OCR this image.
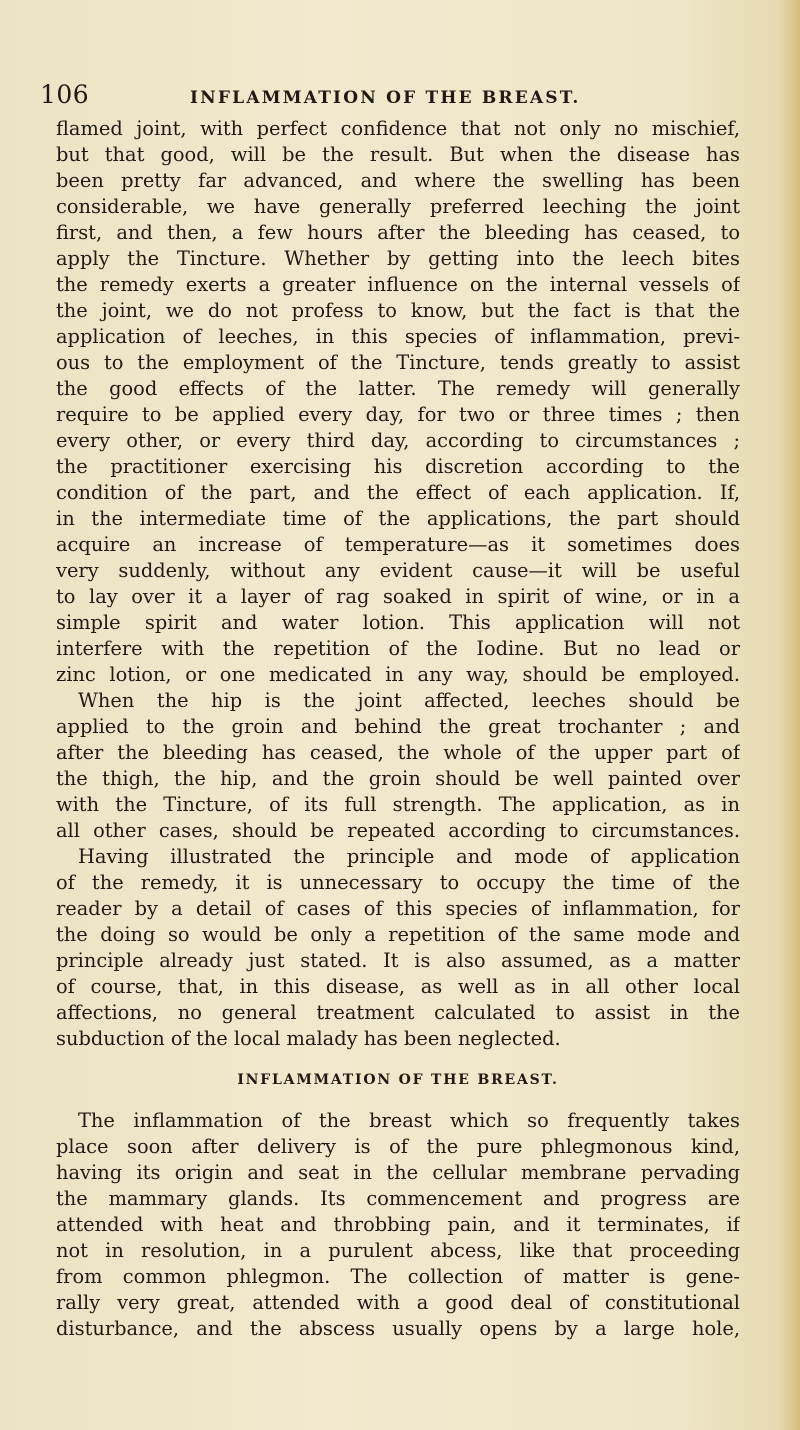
106	INFLAMMATION OF THE BREAST.
flamed joint, with perfect confidence that not only no mischief,
but that good, will be the result. But when the disease has
been pretty far advanced, and where the swelling has been
considerable, we have generally preferred leeching the joint
first, and then, a few hours after the bleeding has ceased, to
apply the Tincture. Whether by getting into the leech bites
the remedy exerts a greater influence on the internal vessels of
the joint, we do not profess to know, but the fact is that the
application of leeches, in this species of inflammation, previ-
ous to the employment of the Tincture, tends greatly to assist
the good effects of the latter. The remedy will generally
require to be applied every day, for two or three times ; then
every other, or every third day, according to circumstances ;
the practitioner exercising his discretion according to the
condition of the part, and the effect of each application. If,
in the intermediate time of the applications, the part should
acquire an increase of temperature—as it sometimes does
very suddenly, without any evident cause—it will be useful
to lay over it a layer of rag soaked in spirit of wine, or in a
simple spirit and water lotion. This application will not
interfere with the repetition of the Iodine. But no lead or
zinc lotion, or one medicated in any way, should be employed.
When the hip is the joint affected, leeches should be
applied to the groin and behind the great trochanter ; and
after the bleeding has ceased, the whole of the upper part of
the thigh, the hip, and the groin should be well painted over
with the Tincture, of its full strength. The application, as in
all other cases, should be repeated according to circumstances.
Having illustrated the principle and mode of application
of the remedy, it is unnecessary to occupy the time of the
reader by a detail of cases of this species of inflammation, for
the doing so would be only a repetition of the same mode and
principle already just stated. It is also assumed, as a matter
of course, that, in this disease, as well as in all other local
affections, no general treatment calculated to assist in the
subduction of the local malady has been neglected.
INFLAMMATION OF THE BREAST.
The inflammation of the breast which so frequently takes
place soon after delivery is of the pure phlegmonous kind,
having its origin and seat in the cellular membrane pervading
the mammary glands. Its commencement and progress are
attended with heat and throbbing pain, and it terminates, if
not in resolution, in a purulent abcess, like that proceeding
from common phlegmon. The collection of matter is gene-
rally very great, attended with a good deal of constitutional
disturbance, and the abscess usually opens by a large hole,
